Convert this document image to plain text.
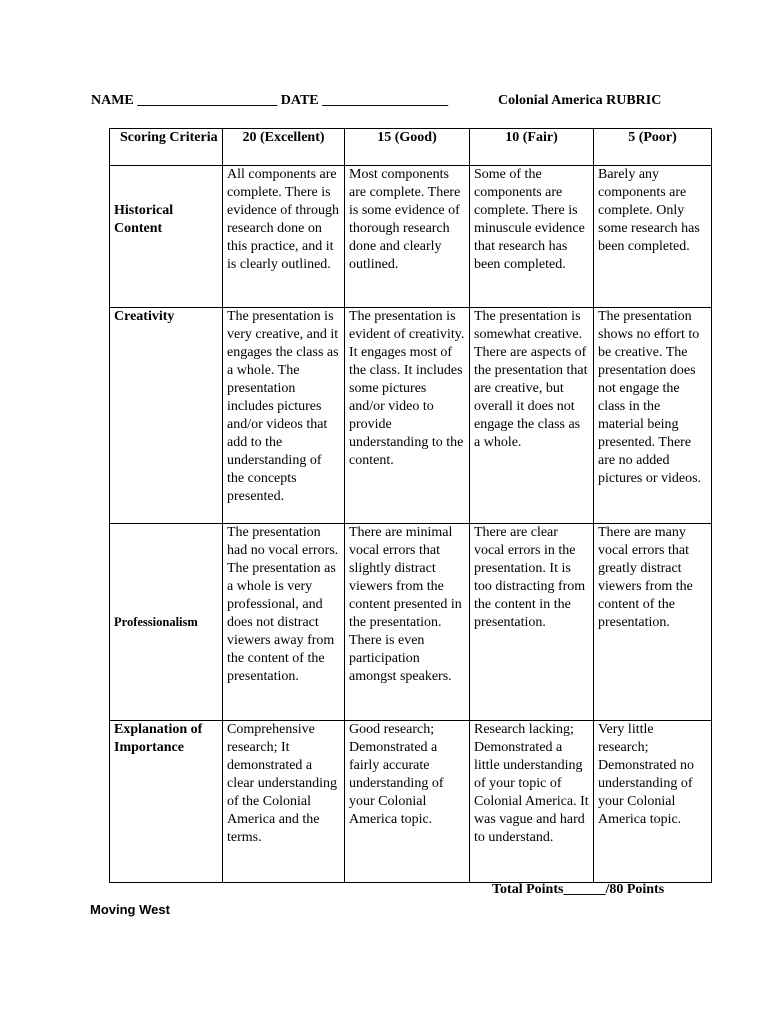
NAME ____________________ DATE __________________	Colonial America RUBRIC
Scoring Criteria	20 (Excellent)	15 (Good)	10 (Fair)	5 (Poor)
Historical Content	All components are complete. There is evidence of through research done on this practice, and it is clearly outlined.	Most components are complete. There is some evidence of thorough research done and clearly outlined.	Some of the components are complete. There is minuscule evidence that research has been completed.	Barely any components are complete. Only some research has been completed.
Creativity	The presentation is very creative, and it engages the class as a whole. The presentation includes pictures and/or videos that add to the understanding of the concepts presented.	The presentation is evident of creativity. It engages most of the class. It includes some pictures and/or video to provide understanding to the content.	The presentation is somewhat creative. There are aspects of the presentation that are creative, but overall it does not engage the class as a whole.	The presentation shows no effort to be creative. The presentation does not engage the class in the material being presented. There are no added pictures or videos.
Professionalism	The presentation had no vocal errors. The presentation as a whole is very professional, and does not distract viewers away from the content of the presentation.	There are minimal vocal errors that slightly distract viewers from the content presented in the presentation. There is even participation amongst speakers.	There are clear vocal errors in the presentation. It is too distracting from the content in the presentation.	There are many vocal errors that greatly distract viewers from the content of the presentation.
Explanation of Importance	Comprehensive research; It demonstrated a clear understanding of the Colonial America and the terms.	Good research; Demonstrated a fairly accurate understanding of your Colonial America topic.	Research lacking; Demonstrated a little understanding of your topic of Colonial America. It was vague and hard to understand.	Very little research; Demonstrated no understanding of your Colonial America topic.
Total Points______/80 Points
Moving West
